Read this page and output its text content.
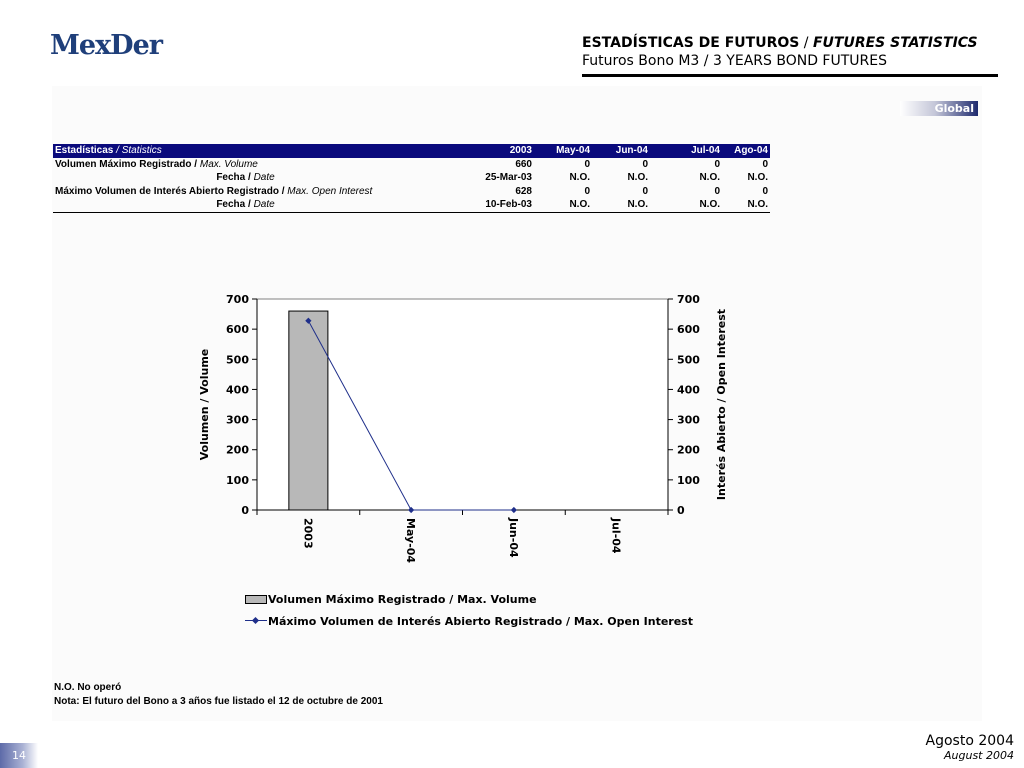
MexDer	ESTADÍSTICAS DE FUTUROS / FUTURES STATISTICS
Futuros Bono M3 / 3 YEARS BOND FUTURES
Global
Estadísticas / Statistics	2003	May-04	Jun-04	Jul-04	Ago-04
Volumen Máximo Registrado / Max. Volume	660	0	0	0	0
Fecha / Date	25-Mar-03	N.O.	N.O.	N.O.	N.O.
Máximo Volumen de Interés Abierto Registrado / Max. Open Interest	628	0	0	0	0
Fecha / Date	10-Feb-03	N.O.	N.O.	N.O.	N.O.
0
100
200
300
400
500
600
700
0
100
200
300
400
500
600
700
2003	May-04	Jun-04	Jul-04
Volumen / Volume	Interés Abierto / Open Interest
Volumen Máximo Registrado / Max. Volume
Máximo Volumen de Interés Abierto Registrado / Max. Open Interest
N.O. No operó
Nota: El futuro del Bono a 3 años fue listado el 12 de octubre de 2001
Agosto 2004
August 2004
14
